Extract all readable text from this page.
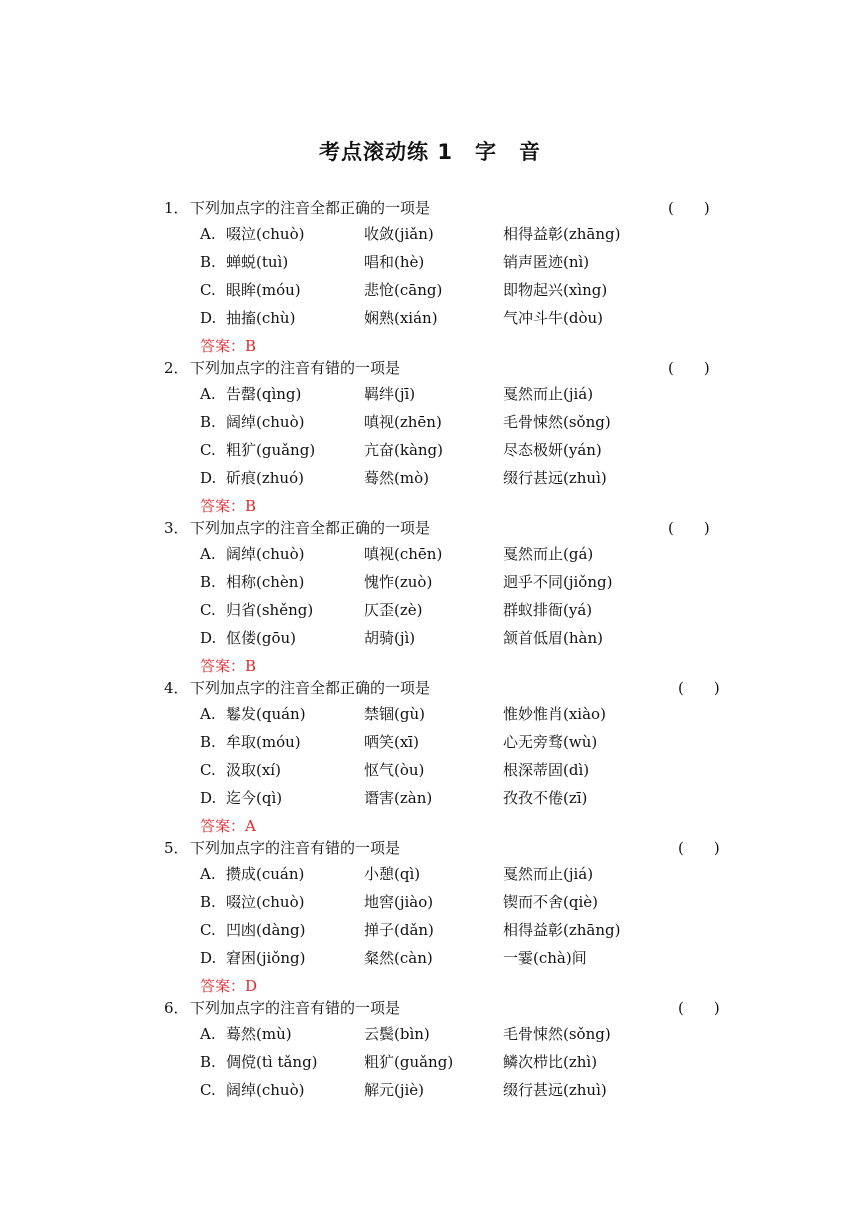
考点滚动练 1　字　音
1． 下列加点字的注音全都正确的一项是	(　　)
A. 啜泣(chuò)	收敛(jiǎn)	相得益彰(zhāng)
B. 蝉蜕(tuì)	唱和(hè)	销声匿迹(nì)
C. 眼眸(móu)	悲怆(cāng)	即物起兴(xìng)
D. 抽搐(chù)	娴熟(xián)	气冲斗牛(dòu)
答案：B
2． 下列加点字的注音有错的一项是	(　　)
A. 告罄(qìng)	羁绊(jī)	戛然而止(jiá)
B. 阔绰(chuò)	嗔视(zhēn)	毛骨悚然(sǒng)
C. 粗犷(guǎng)	亢奋(kàng)	尽态极妍(yán)
D. 斫痕(zhuó)	蓦然(mò)	缀行甚远(zhuì)
答案：B
3． 下列加点字的注音全都正确的一项是	(　　)
A. 阔绰(chuò)	嗔视(chēn)	戛然而止(gá)
B. 相称(chèn)	愧怍(zuò)	迥乎不同(jiǒng)
C. 归省(shěng)	仄歪(zè)	群蚁排衙(yá)
D. 伛偻(gōu)	胡骑(jì)	颔首低眉(hàn)
答案：B
4． 下列加点字的注音全都正确的一项是	(　　)
A. 鬈发(quán)	禁锢(gù)	惟妙惟肖(xiào)
B. 牟取(móu)	哂笑(xī)	心无旁骛(wù)
C. 汲取(xí)	怄气(òu)	根深蒂固(dì)
D. 迄今(qì)	谮害(zàn)	孜孜不倦(zī)
答案：A
5． 下列加点字的注音有错的一项是	(　　)
A. 攒成(cuán)	小憩(qì)	戛然而止(jiá)
B. 啜泣(chuò)	地窖(jiào)	锲而不舍(qiè)
C. 凹凼(dàng)	掸子(dǎn)	相得益彰(zhāng)
D. 窘困(jiǒng)	粲然(càn)	一霎(chà)间
答案：D
6． 下列加点字的注音有错的一项是	(　　)
A. 蓦然(mù)	云鬓(bìn)	毛骨悚然(sǒng)
B. 倜傥(tì tǎng)	粗犷(guǎng)	鳞次栉比(zhì)
C. 阔绰(chuò)	解元(jiè)	缀行甚远(zhuì)
